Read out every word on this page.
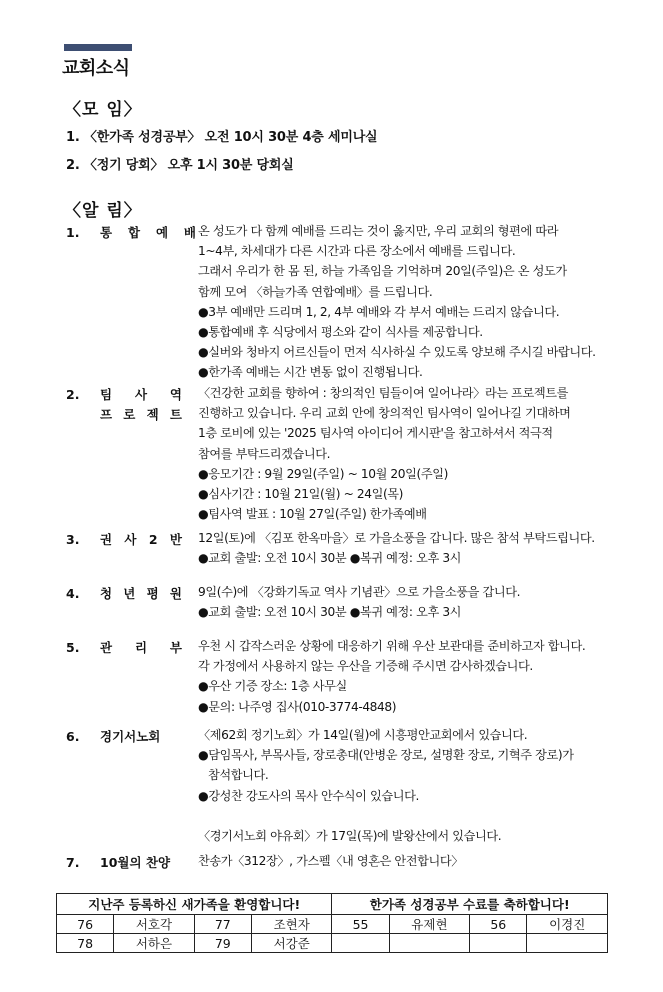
교회소식
〈모 임〉
1. 〈한가족 성경공부〉 오전 10시 30분 4층 세미나실
2. 〈정기 당회〉 오후 1시 30분 당회실
〈알 림〉
1. 통 합 예 배 온 성도가 다 함께 예배를 드리는 것이 옳지만, 우리 교회의 형편에 따라
1~4부, 차세대가 다른 시간과 다른 장소에서 예배를 드립니다.
그래서 우리가 한 몸 된, 하늘 가족임을 기억하며 20일(주일)은 온 성도가
함께 모여 〈하늘가족 연합예배〉를 드립니다.
●3부 예배만 드리며 1, 2, 4부 예배와 각 부서 예배는 드리지 않습니다.
●통합예배 후 식당에서 평소와 같이 식사를 제공합니다.
●실버와 청바지 어르신들이 먼저 식사하실 수 있도록 양보해 주시길 바랍니다.
●한가족 예배는 시간 변동 없이 진행됩니다.
2. 팀 사 역
프 로 젝 트
〈건강한 교회를 향하여 : 창의적인 팀들이여 일어나라〉라는 프로젝트를
진행하고 있습니다. 우리 교회 안에 창의적인 팀사역이 일어나길 기대하며
1층 로비에 있는 '2025 팀사역 아이디어 게시판'을 참고하셔서 적극적
참여를 부탁드리겠습니다.
●응모기간 : 9월 29일(주일) ~ 10월 20일(주일)
●심사기간 : 10월 21일(월) ~ 24일(목)
●팀사역 발표 : 10월 27일(주일) 한가족예배
3. 권 사 2 반 12일(토)에 〈김포 한옥마을〉로 가을소풍을 갑니다. 많은 참석 부탁드립니다.
●교회 출발: 오전 10시 30분 ●복귀 예정: 오후 3시
4. 청 년 평 원 9일(수)에 〈강화기독교 역사 기념관〉으로 가을소풍을 갑니다.
●교회 출발: 오전 10시 30분 ●복귀 예정: 오후 3시
5. 관 리 부 우천 시 갑작스러운 상황에 대응하기 위해 우산 보관대를 준비하고자 합니다.
각 가정에서 사용하지 않는 우산을 기증해 주시면 감사하겠습니다.
●우산 기증 장소: 1층 사무실
●문의: 나주영 집사(010-3774-4848)
6. 경기서노회	〈제62회 정기노회〉가 14일(월)에 시흥평안교회에서 있습니다.
●담임목사, 부목사들, 장로총대(안병운 장로, 설명환 장로, 기혁주 장로)가
참석합니다.
●강성찬 강도사의 목사 안수식이 있습니다.

〈경기서노회 야유회〉가 17일(목)에 발왕산에서 있습니다.
7. 10월의 찬양	찬송가〈312장〉, 가스펠〈내 영혼은 안전합니다〉
지난주 등록하신 새가족을 환영합니다!				한가족 성경공부 수료를 축하합니다!			
76	서호각	77	조현자	55	유제현	56	이경진
78	서하은	79	서강준				
